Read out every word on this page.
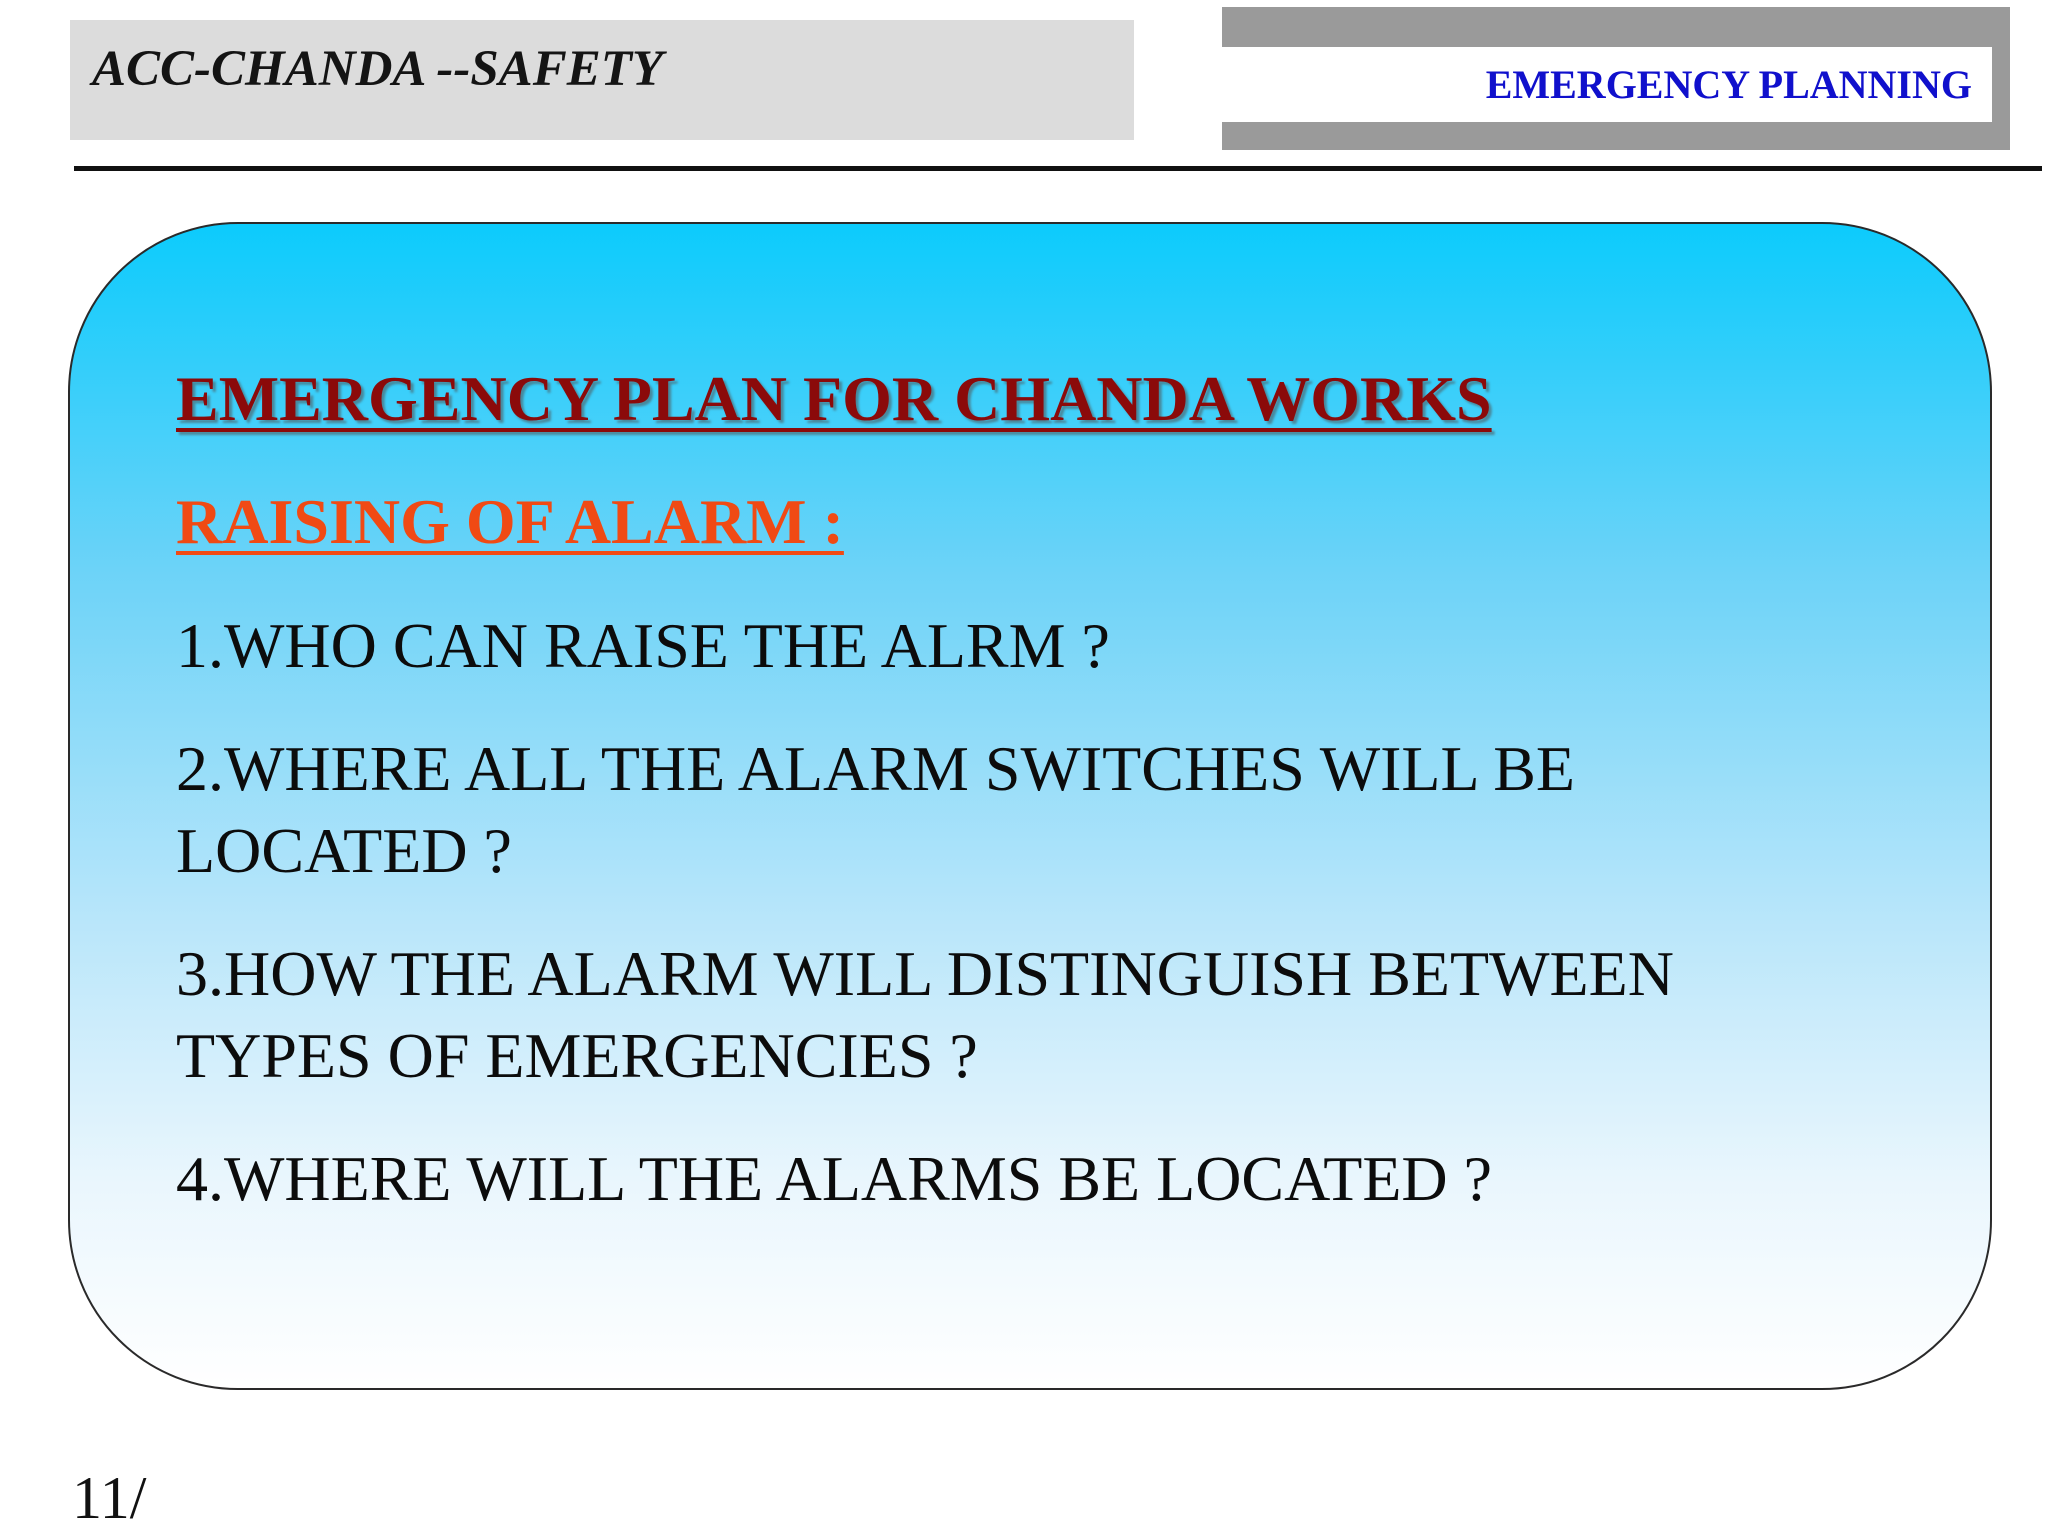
ACC-CHANDA --SAFETY	EMERGENCY PLANNING
EMERGENCY PLAN FOR CHANDA WORKS
RAISING OF ALARM :
1.WHO CAN RAISE THE ALRM ?
2.WHERE ALL THE ALARM SWITCHES WILL BE
LOCATED ?
3.HOW THE ALARM WILL DISTINGUISH BETWEEN
TYPES OF EMERGENCIES ?
4.WHERE WILL THE ALARMS BE LOCATED ?
11/
